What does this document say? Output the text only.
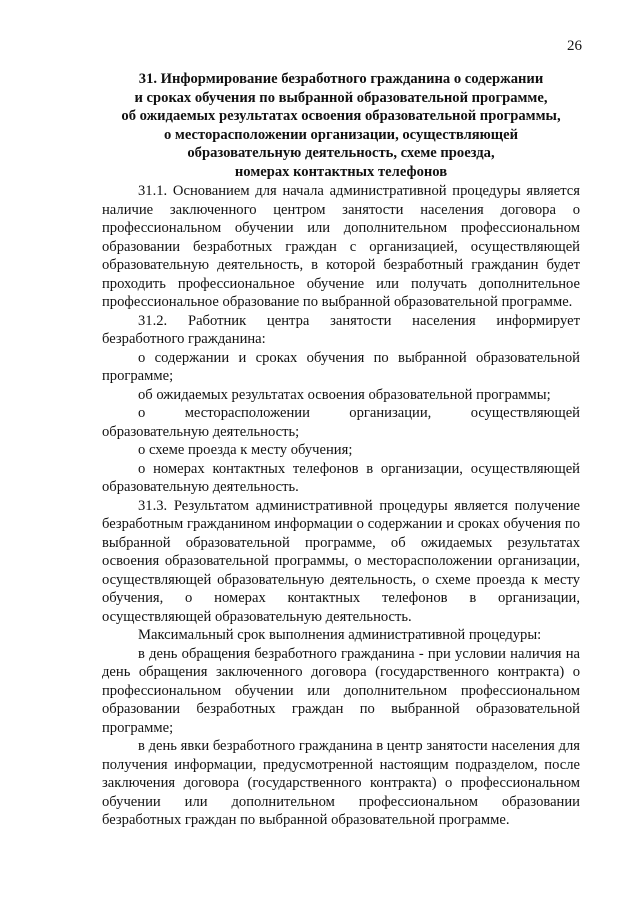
26
31. Информирование безработного гражданина о содержании
и сроках обучения по выбранной образовательной программе,
об ожидаемых результатах освоения образовательной программы,
о месторасположении организации, осуществляющей
образовательную деятельность, схеме проезда,
номерах контактных телефонов

31.1. Основанием для начала административной процедуры является наличие заключенного центром занятости населения договора о профессиональном обучении или дополнительном профессиональном образовании безработных граждан с организацией, осуществляющей образовательную деятельность, в которой безработный гражданин будет проходить профессиональное обучение или получать дополнительное профессиональное образование по выбранной образовательной программе.

31.2. Работник центра занятости населения информирует безработного гражданина:

о содержании и сроках обучения по выбранной образовательной программе;

об ожидаемых результатах освоения образовательной программы;

о месторасположении организации, осуществляющей образовательную деятельность;

о схеме проезда к месту обучения;

о номерах контактных телефонов в организации, осуществляющей образовательную деятельность.

31.3. Результатом административной процедуры является получение безработным гражданином информации о содержании и сроках обучения по выбранной образовательной программе, об ожидаемых результатах освоения образовательной программы, о месторасположении организации, осуществляющей образовательную деятельность, о схеме проезда к месту обучения, о номерах контактных телефонов в организации, осуществляющей образовательную деятельность.

Максимальный срок выполнения административной процедуры:

в день обращения безработного гражданина - при условии наличия на день обращения заключенного договора (государственного контракта) о профессиональном обучении или дополнительном профессиональном образовании безработных граждан по выбранной образовательной программе;

в день явки безработного гражданина в центр занятости населения для получения информации, предусмотренной настоящим подразделом, после заключения договора (государственного контракта) о профессиональном обучении или дополнительном профессиональном образовании безработных граждан по выбранной образовательной программе.
